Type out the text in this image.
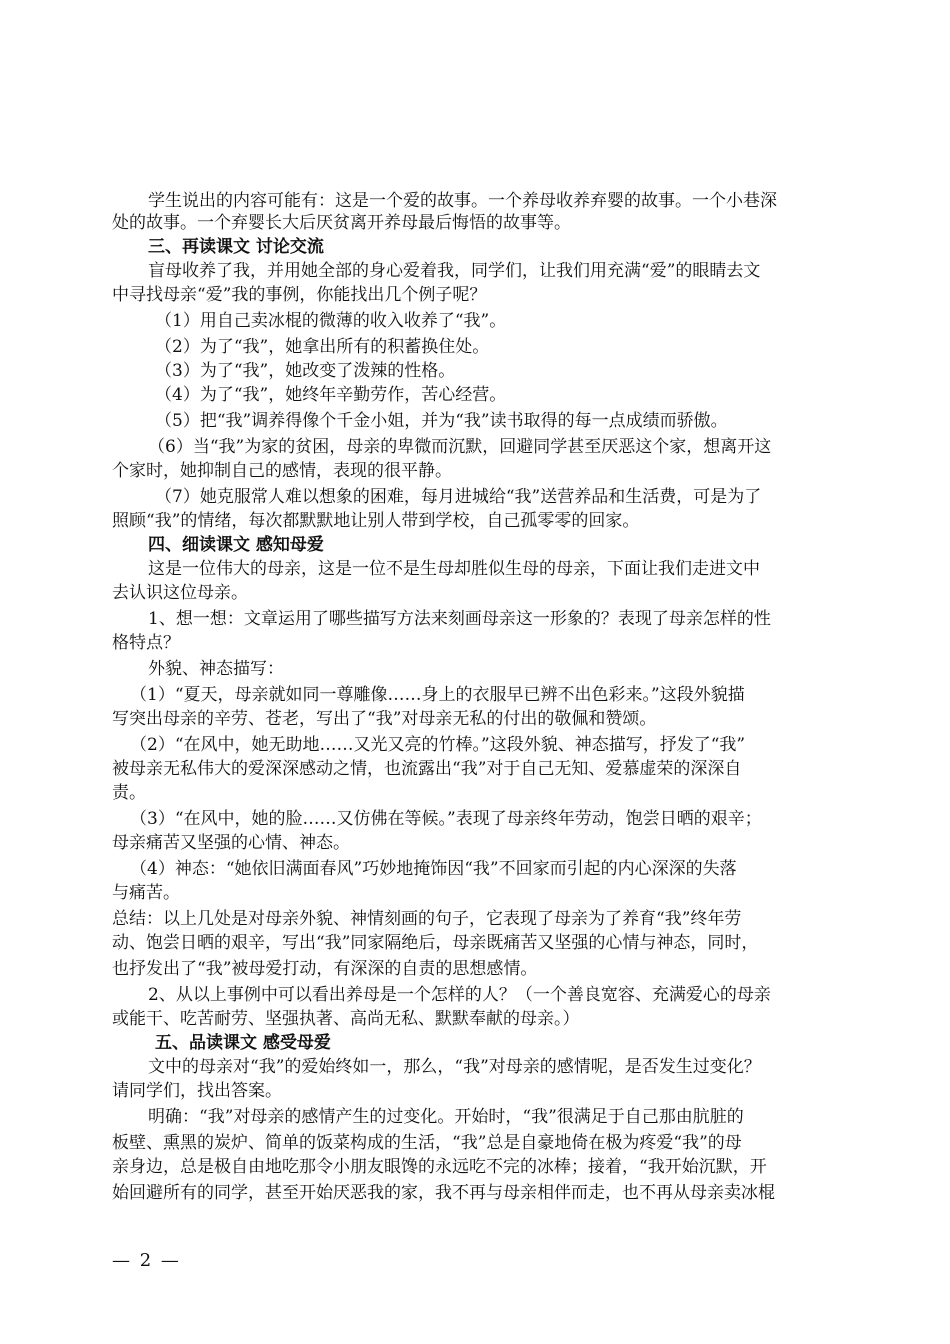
学生说出的内容可能有：这是一个爱的故事。一个养母收养弃婴的故事。一个小巷深
处的故事。一个弃婴长大后厌贫离开养母最后悔悟的故事等。
三、再读课文 讨论交流
盲母收养了我，并用她全部的身心爱着我，同学们，让我们用充满“爱”的眼睛去文
中寻找母亲“爱”我的事例，你能找出几个例子呢？
（1）用自己卖冰棍的微薄的收入收养了“我”。
（2）为了“我”，她拿出所有的积蓄换住处。
（3）为了“我”，她改变了泼辣的性格。
（4）为了“我”，她终年辛勤劳作，苦心经营。
（5）把“我”调养得像个千金小姐，并为“我”读书取得的每一点成绩而骄傲。
（6）当“我”为家的贫困，母亲的卑微而沉默，回避同学甚至厌恶这个家，想离开这
个家时，她抑制自己的感情，表现的很平静。
（7）她克服常人难以想象的困难，每月进城给“我”送营养品和生活费，可是为了
照顾“我”的情绪，每次都默默地让别人带到学校，自己孤零零的回家。
四、细读课文 感知母爱
这是一位伟大的母亲，这是一位不是生母却胜似生母的母亲，下面让我们走进文中
去认识这位母亲。
1、想一想：文章运用了哪些描写方法来刻画母亲这一形象的？表现了母亲怎样的性
格特点？
外貌、神态描写：
（1）“夏天，母亲就如同一尊雕像……身上的衣服早已辨不出色彩来。”这段外貌描
写突出母亲的辛劳、苍老，写出了“我”对母亲无私的付出的敬佩和赞颂。
（2）“在风中，她无助地……又光又亮的竹棒。”这段外貌、神态描写，抒发了“我”
被母亲无私伟大的爱深深感动之情，也流露出“我”对于自己无知、爱慕虚荣的深深自
责。
（3）“在风中，她的脸……又仿佛在等候。”表现了母亲终年劳动，饱尝日晒的艰辛；
母亲痛苦又坚强的心情、神态。
（4）神态：“她依旧满面春风”巧妙地掩饰因“我”不回家而引起的内心深深的失落
与痛苦。
总结：以上几处是对母亲外貌、神情刻画的句子，它表现了母亲为了养育“我”终年劳
动、饱尝日晒的艰辛，写出“我”同家隔绝后，母亲既痛苦又坚强的心情与神态，同时，
也抒发出了“我”被母爱打动，有深深的自责的思想感情。
2、从以上事例中可以看出养母是一个怎样的人？（一个善良宽容、充满爱心的母亲
或能干、吃苦耐劳、坚强执著、高尚无私、默默奉献的母亲。）
五、品读课文 感受母爱
文中的母亲对“我”的爱始终如一，那么，“我”对母亲的感情呢，是否发生过变化？
请同学们，找出答案。
明确：“我”对母亲的感情产生的过变化。开始时，“我”很满足于自己那由肮脏的
板壁、熏黑的炭炉、简单的饭菜构成的生活，“我”总是自豪地倚在极为疼爱“我”的母
亲身边，总是极自由地吃那令小朋友眼馋的永远吃不完的冰棒；接着，“我开始沉默，开
始回避所有的同学，甚至开始厌恶我的家，我不再与母亲相伴而走，也不再从母亲卖冰棍
— 2 —
